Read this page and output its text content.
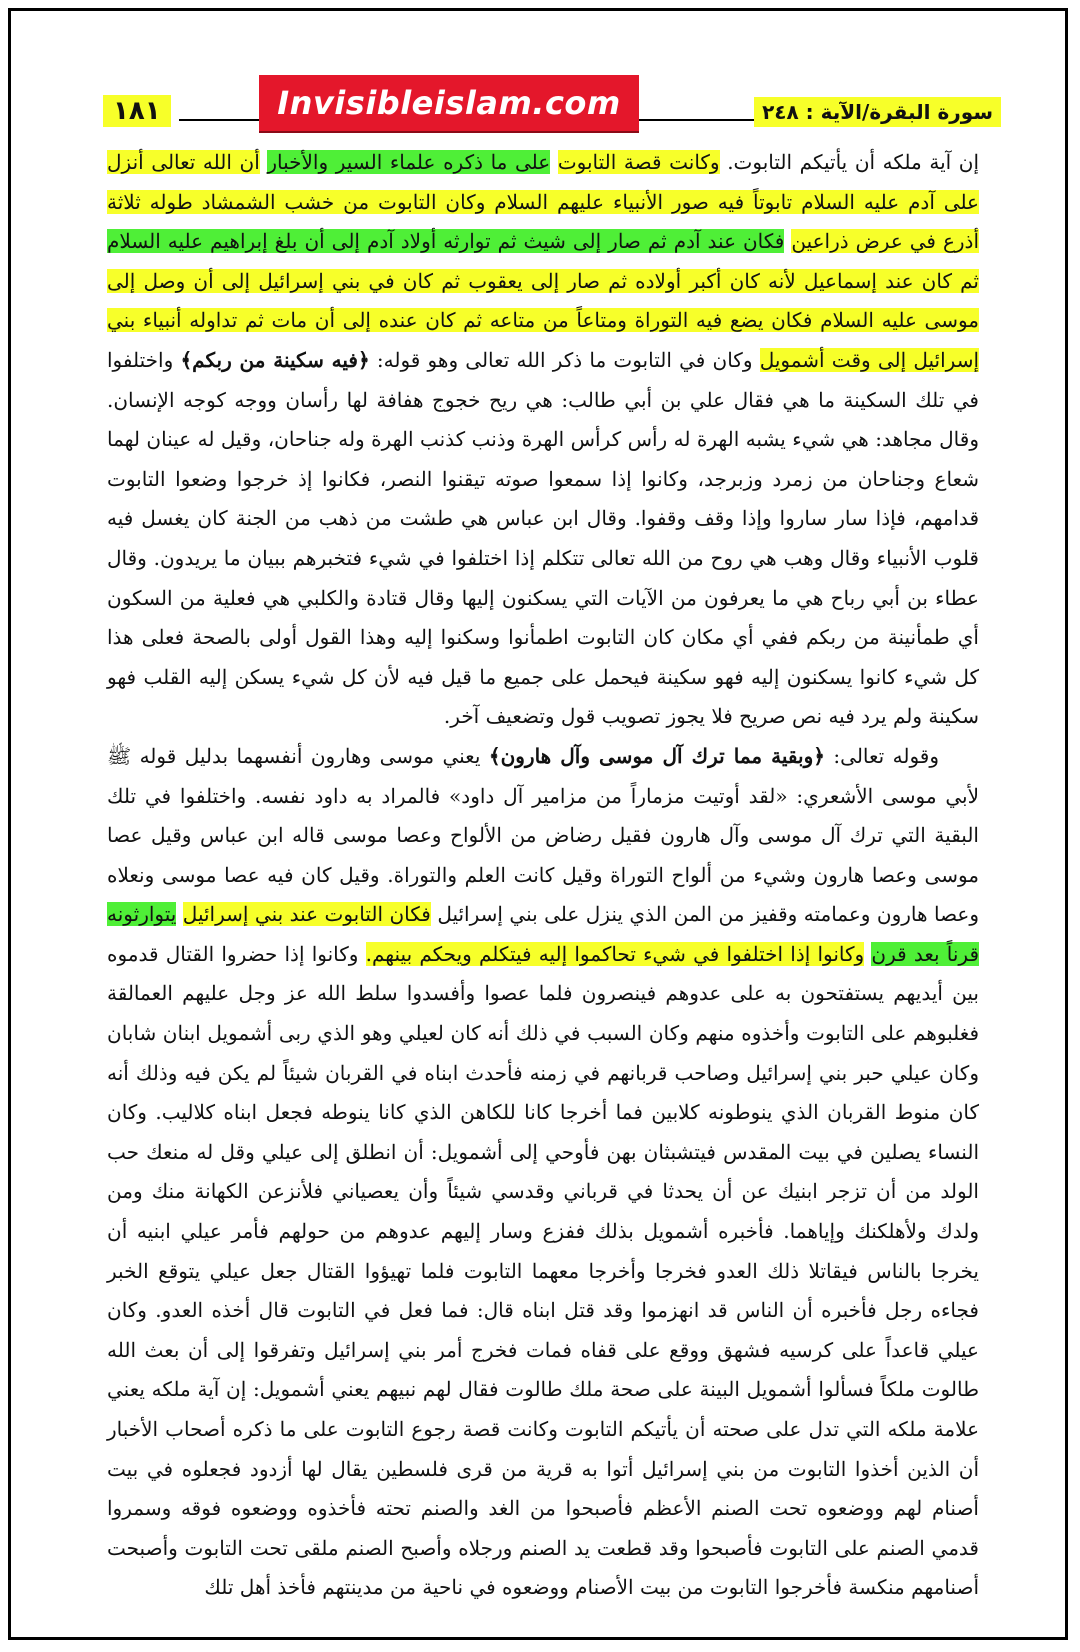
١٨١	Invisibleislam.com	سورة البقرة/الآية : ٢٤٨

إن آية ملكه أن يأتيكم التابوت. وكانت قصة التابوت على ما ذكره علماء السير والأخبار أن الله تعالى أنزل على آدم عليه السلام تابوتاً فيه صور الأنبياء عليهم السلام وكان التابوت من خشب الشمشاد طوله ثلاثة أذرع في عرض ذراعين فكان عند آدم ثم صار إلى شيث ثم توارثه أولاد آدم إلى أن بلغ إبراهيم عليه السلام ثم كان عند إسماعيل لأنه كان أكبر أولاده ثم صار إلى يعقوب ثم كان في بني إسرائيل إلى أن وصل إلى موسى عليه السلام فكان يضع فيه التوراة ومتاعاً من متاعه ثم كان عنده إلى أن مات ثم تداوله أنبياء بني إسرائيل إلى وقت أشمويل وكان في التابوت ما ذكر الله تعالى وهو قوله: ﴿فيه سكينة من ربكم﴾ واختلفوا في تلك السكينة ما هي فقال علي بن أبي طالب: هي ريح خجوج هفافة لها رأسان ووجه كوجه الإنسان. وقال مجاهد: هي شيء يشبه الهرة له رأس كرأس الهرة وذنب كذنب الهرة وله جناحان، وقيل له عينان لهما شعاع وجناحان من زمرد وزبرجد، وكانوا إذا سمعوا صوته تيقنوا النصر، فكانوا إذ خرجوا وضعوا التابوت قدامهم، فإذا سار ساروا وإذا وقف وقفوا. وقال ابن عباس هي طشت من ذهب من الجنة كان يغسل فيه قلوب الأنبياء وقال وهب هي روح من الله تعالى تتكلم إذا اختلفوا في شيء فتخبرهم ببيان ما يريدون. وقال عطاء بن أبي رباح هي ما يعرفون من الآيات التي يسكنون إليها وقال قتادة والكلبي هي فعلية من السكون أي طمأنينة من ربكم ففي أي مكان كان التابوت اطمأنوا وسكنوا إليه وهذا القول أولى بالصحة فعلى هذا كل شيء كانوا يسكنون إليه فهو سكينة فيحمل على جميع ما قيل فيه لأن كل شيء يسكن إليه القلب فهو سكينة ولم يرد فيه نص صريح فلا يجوز تصويب قول وتضعيف آخر.

وقوله تعالى: ﴿وبقية مما ترك آل موسى وآل هارون﴾ يعني موسى وهارون أنفسهما بدليل قوله ﷺ لأبي موسى الأشعري: «لقد أوتيت مزماراً من مزامير آل داود» فالمراد به داود نفسه. واختلفوا في تلك البقية التي ترك آل موسى وآل هارون فقيل رضاض من الألواح وعصا موسى قاله ابن عباس وقيل عصا موسى وعصا هارون وشيء من ألواح التوراة وقيل كانت العلم والتوراة. وقيل كان فيه عصا موسى ونعلاه وعصا هارون وعمامته وقفيز من المن الذي ينزل على بني إسرائيل فكان التابوت عند بني إسرائيل يتوارثونه قرناً بعد قرن وكانوا إذا اختلفوا في شيء تحاكموا إليه فيتكلم ويحكم بينهم. وكانوا إذا حضروا القتال قدموه بين أيديهم يستفتحون به على عدوهم فينصرون فلما عصوا وأفسدوا سلط الله عز وجل عليهم العمالقة فغلبوهم على التابوت وأخذوه منهم وكان السبب في ذلك أنه كان لعيلي وهو الذي ربى أشمويل ابنان شابان وكان عيلي حبر بني إسرائيل وصاحب قربانهم في زمنه فأحدث ابناه في القربان شيئاً لم يكن فيه وذلك أنه كان منوط القربان الذي ينوطونه كلابين فما أخرجا كانا للكاهن الذي كانا ينوطه فجعل ابناه كلاليب. وكان النساء يصلين في بيت المقدس فيتشبثان بهن فأوحي إلى أشمويل: أن انطلق إلى عيلي وقل له منعك حب الولد من أن تزجر ابنيك عن أن يحدثا في قرباني وقدسي شيئاً وأن يعصياني فلأنزعن الكهانة منك ومن ولدك ولأهلكنك وإياهما. فأخبره أشمويل بذلك ففزع وسار إليهم عدوهم من حولهم فأمر عيلي ابنيه أن يخرجا بالناس فيقاتلا ذلك العدو فخرجا وأخرجا معهما التابوت فلما تهيؤوا القتال جعل عيلي يتوقع الخبر فجاءه رجل فأخبره أن الناس قد انهزموا وقد قتل ابناه قال: فما فعل في التابوت قال أخذه العدو. وكان عيلي قاعداً على كرسيه فشهق ووقع على قفاه فمات فخرج أمر بني إسرائيل وتفرقوا إلى أن بعث الله طالوت ملكاً فسألوا أشمويل البينة على صحة ملك طالوت فقال لهم نبيهم يعني أشمويل: إن آية ملكه يعني علامة ملكه التي تدل على صحته أن يأتيكم التابوت وكانت قصة رجوع التابوت على ما ذكره أصحاب الأخبار أن الذين أخذوا التابوت من بني إسرائيل أتوا به قرية من قرى فلسطين يقال لها أزدود فجعلوه في بيت أصنام لهم ووضعوه تحت الصنم الأعظم فأصبحوا من الغد والصنم تحته فأخذوه ووضعوه فوقه وسمروا قدمي الصنم على التابوت فأصبحوا وقد قطعت يد الصنم ورجلاه وأصبح الصنم ملقى تحت التابوت وأصبحت أصنامهم منكسة فأخرجوا التابوت من بيت الأصنام ووضعوه في ناحية من مدينتهم فأخذ أهل تلك
